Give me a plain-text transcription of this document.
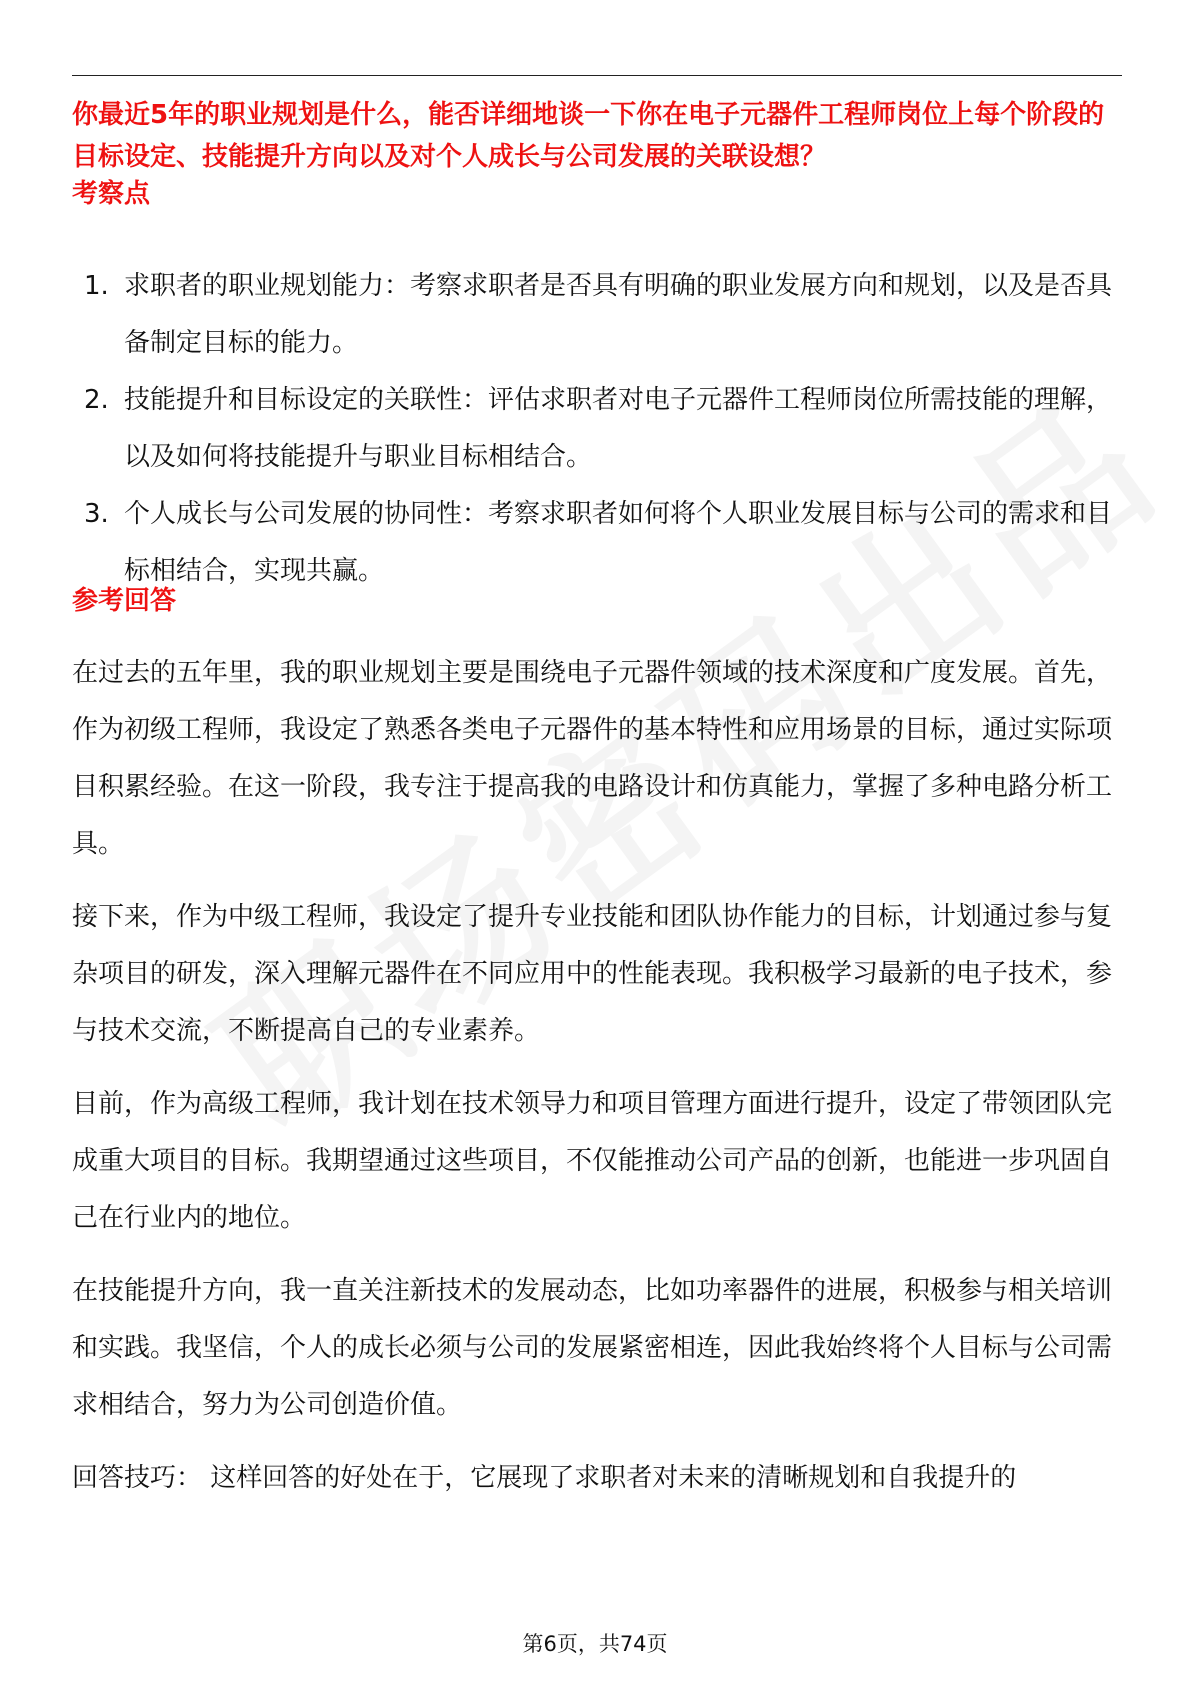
你最近5年的职业规划是什么，能否详细地谈一下你在电子元器件工程师岗位上每个阶段的目标设定、技能提升方向以及对个人成长与公司发展的关联设想？
考察点
1. 求职者的职业规划能力：考察求职者是否具有明确的职业发展方向和规划，以及是否具备制定目标的能力。
2. 技能提升和目标设定的关联性：评估求职者对电子元器件工程师岗位所需技能的理解，以及如何将技能提升与职业目标相结合。
3. 个人成长与公司发展的协同性：考察求职者如何将个人职业发展目标与公司的需求和目标相结合，实现共赢。
参考回答

在过去的五年里，我的职业规划主要是围绕电子元器件领域的技术深度和广度发展。首先，作为初级工程师，我设定了熟悉各类电子元器件的基本特性和应用场景的目标，通过实际项目积累经验。在这一阶段，我专注于提高我的电路设计和仿真能力，掌握了多种电路分析工具。

接下来，作为中级工程师，我设定了提升专业技能和团队协作能力的目标，计划通过参与复杂项目的研发，深入理解元器件在不同应用中的性能表现。我积极学习最新的电子技术，参与技术交流，不断提高自己的专业素养。

目前，作为高级工程师，我计划在技术领导力和项目管理方面进行提升，设定了带领团队完成重大项目的目标。我期望通过这些项目，不仅能推动公司产品的创新，也能进一步巩固自己在行业内的地位。

在技能提升方向，我一直关注新技术的发展动态，比如功率器件的进展，积极参与相关培训和实践。我坚信，个人的成长必须与公司的发展紧密相连，因此我始终将个人目标与公司需求相结合，努力为公司创造价值。

回答技巧： 这样回答的好处在于，它展现了求职者对未来的清晰规划和自我提升的

第6页，共74页
